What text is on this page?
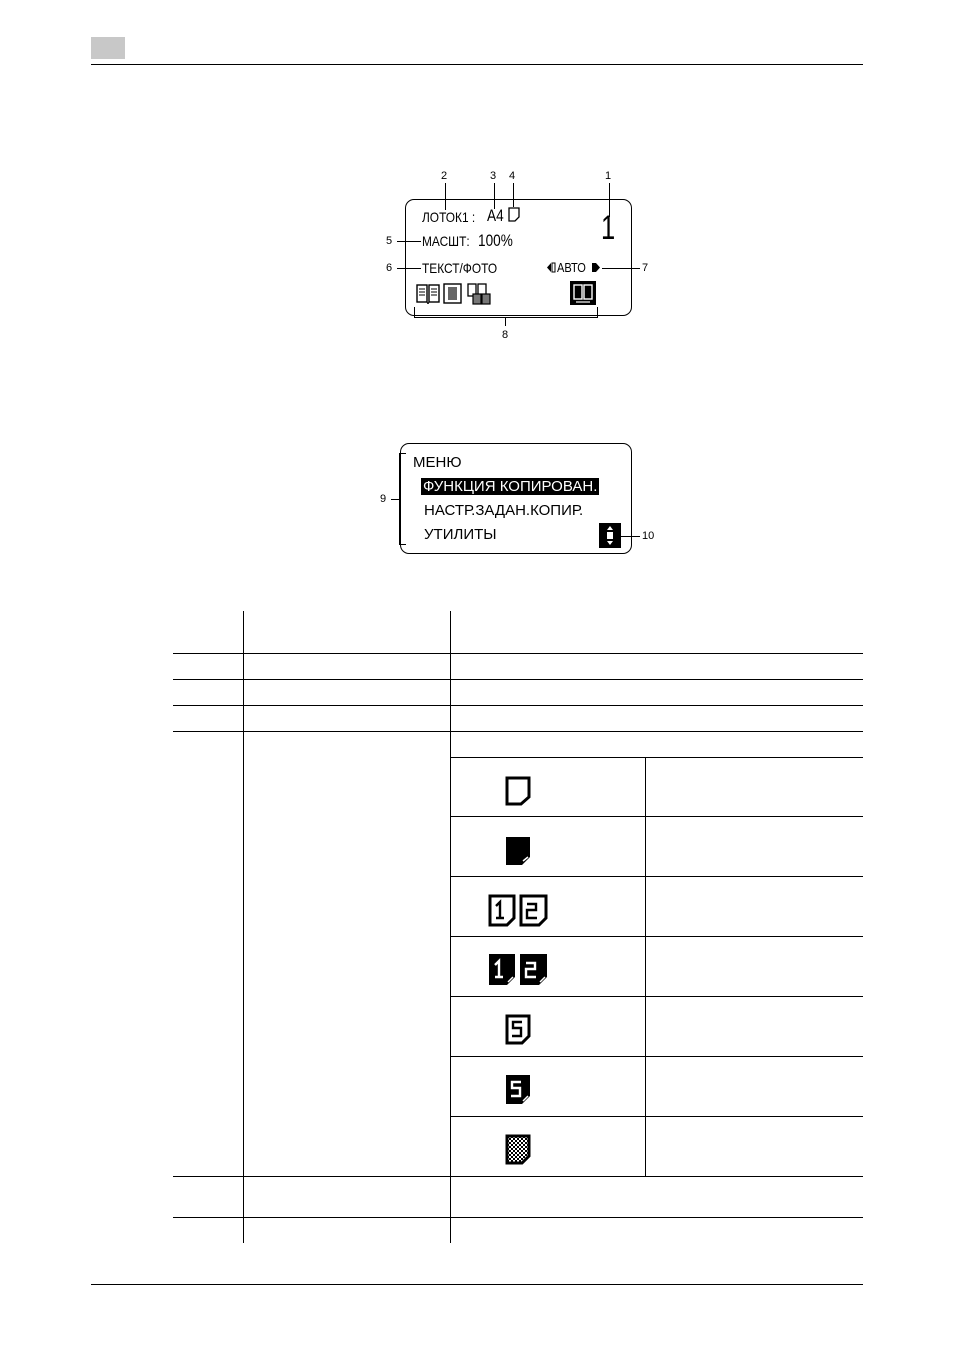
2	3 4	1
5
6	7
8
ЛОТОК1 : A4	1
МАСШТ: 100%
ТЕКСТ/ФОТО	АВТО
9
10
МЕНЮ
ФУНКЦИЯ КОПИРОВАН.
НАСТР.ЗАДАН.КОПИР.
УТИЛИТЫ
